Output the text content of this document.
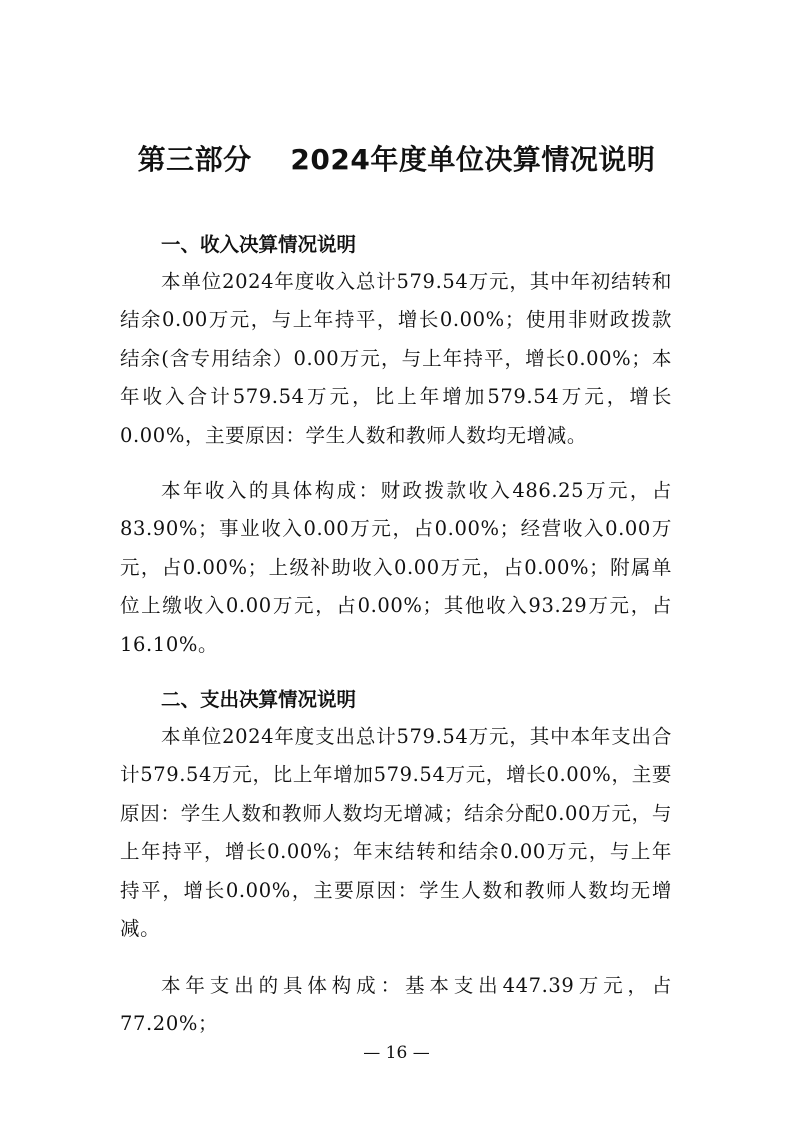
第三部分　 2024年度单位决算情况说明
一、收入决算情况说明
本单位2024年度收入总计579.54万元，其中年初结转和结余0.00万元，与上年持平，增长0.00%；使用非财政拨款结余(含专用结余）0.00万元，与上年持平，增长0.00%；本年收入合计579.54万元，比上年增加579.54万元，增长0.00%，主要原因：学生人数和教师人数均无增减。
本年收入的具体构成：财政拨款收入486.25万元，占83.90%；事业收入0.00万元，占0.00%；经营收入0.00万元，占0.00%；上级补助收入0.00万元，占0.00%；附属单位上缴收入0.00万元，占0.00%；其他收入93.29万元，占16.10%。
二、支出决算情况说明
本单位2024年度支出总计579.54万元，其中本年支出合计579.54万元，比上年增加579.54万元，增长0.00%，主要原因：学生人数和教师人数均无增减；结余分配0.00万元，与上年持平，增长0.00%；年末结转和结余0.00万元，与上年持平，增长0.00%，主要原因：学生人数和教师人数均无增减。
本年支出的具体构成：基本支出447.39万元，占77.20%；
— 16 —
